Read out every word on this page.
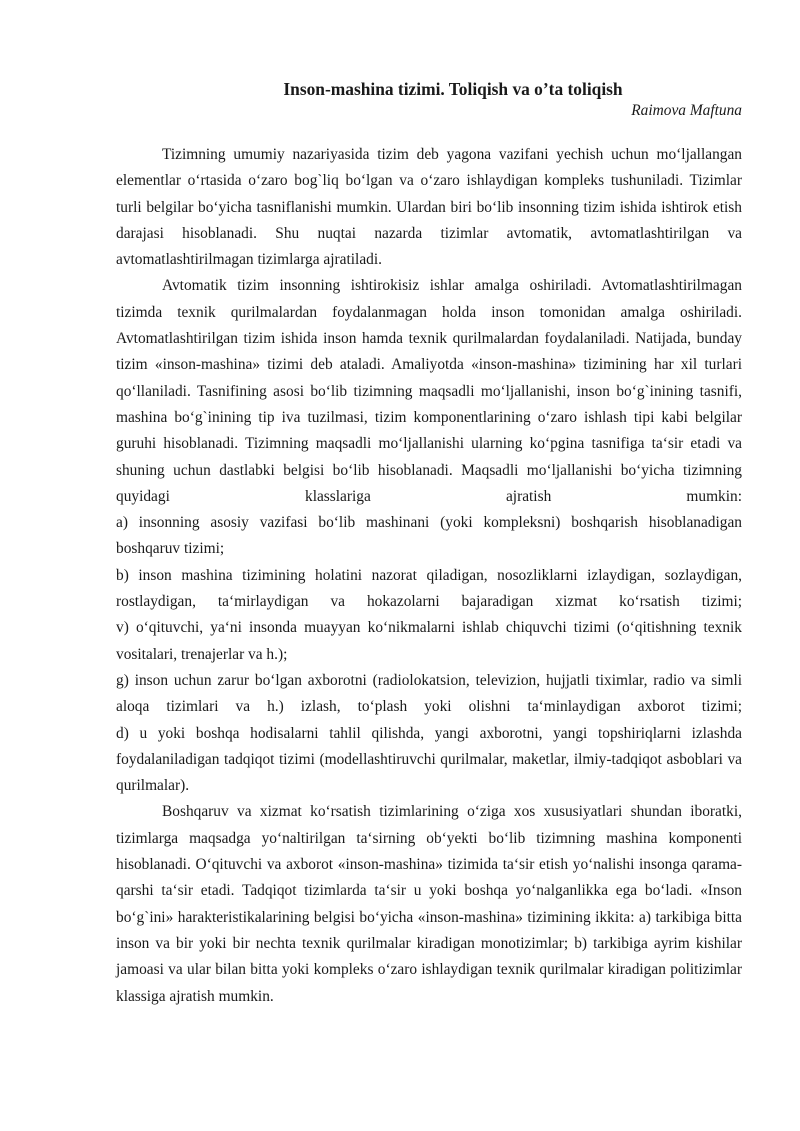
Inson-mashina tizimi. Toliqish va o’ta toliqish
Raimova Maftuna

Tizimning umumiy nazariyasida tizim deb yagona vazifani yechish uchun moʻljallangan elementlar oʻrtasida oʻzaro bog`liq boʻlgan va oʻzaro ishlaydigan kompleks tushuniladi. Tizimlar turli belgilar boʻyicha tasniflanishi mumkin. Ulardan biri boʻlib insonning tizim ishida ishtirok etish darajasi hisoblanadi. Shu nuqtai nazarda tizimlar avtomatik, avtomatlashtirilgan va avtomatlashtirilmagan tizimlarga ajratiladi.

Avtomatik tizim insonning ishtirokisiz ishlar amalga oshiriladi. Avtomatlashtirilmagan tizimda texnik qurilmalardan foydalanmagan holda inson tomonidan amalga oshiriladi. Avtomatlashtirilgan tizim ishida inson hamda texnik qurilmalardan foydalaniladi. Natijada, bunday tizim «inson-mashina» tizimi deb ataladi. Amaliyotda «inson-mashina» tizimining har xil turlari qoʻllaniladi. Tasnifining asosi boʻlib tizimning maqsadli moʻljallanishi, inson boʻg`inining tasnifi, mashina boʻg`inining tip iva tuzilmasi, tizim komponentlarining oʻzaro ishlash tipi kabi belgilar guruhi hisoblanadi. Tizimning maqsadli moʻljallanishi ularning koʻpgina tasnifiga taʻsir etadi va shuning uchun dastlabki belgisi boʻlib hisoblanadi. Maqsadli moʻljallanishi boʻyicha tizimning quyidagi klasslariga ajratish mumkin:

a) insonning asosiy vazifasi boʻlib mashinani (yoki kompleksni) boshqarish hisoblanadigan boshqaruv tizimi;

b) inson mashina tizimining holatini nazorat qiladigan, nosozliklarni izlaydigan, sozlaydigan, rostlaydigan, taʻmirlaydigan va hokazolarni bajaradigan xizmat koʻrsatish tizimi;

v) oʻqituvchi, yaʻni insonda muayyan koʻnikmalarni ishlab chiquvchi tizimi (oʻqitishning texnik vositalari, trenajerlar va h.);

g) inson uchun zarur boʻlgan axborotni (radiolokatsion, televizion, hujjatli tiximlar, radio va simli aloqa tizimlari va h.) izlash, toʻplash yoki olishni taʻminlaydigan axborot tizimi;

d) u yoki boshqa hodisalarni tahlil qilishda, yangi axborotni, yangi topshiriqlarni izlashda foydalaniladigan tadqiqot tizimi (modellashtiruvchi qurilmalar, maketlar, ilmiy-tadqiqot asboblari va qurilmalar).

Boshqaruv va xizmat koʻrsatish tizimlarining oʻziga xos xususiyatlari shundan iboratki, tizimlarga maqsadga yoʻnaltirilgan taʻsirning obʻyekti boʻlib tizimning mashina komponenti hisoblanadi. Oʻqituvchi va axborot «inson-mashina» tizimida taʻsir etish yoʻnalishi insonga qarama-qarshi taʻsir etadi. Tadqiqot tizimlarda taʻsir u yoki boshqa yoʻnalganlikka ega boʻladi. «Inson boʻg`ini» harakteristikalarining belgisi boʻyicha «inson-mashina» tizimining ikkita: a) tarkibiga bitta inson va bir yoki bir nechta texnik qurilmalar kiradigan monotizimlar; b) tarkibiga ayrim kishilar jamoasi va ular bilan bitta yoki kompleks oʻzaro ishlaydigan texnik qurilmalar kiradigan politizimlar klassiga ajratish mumkin.
